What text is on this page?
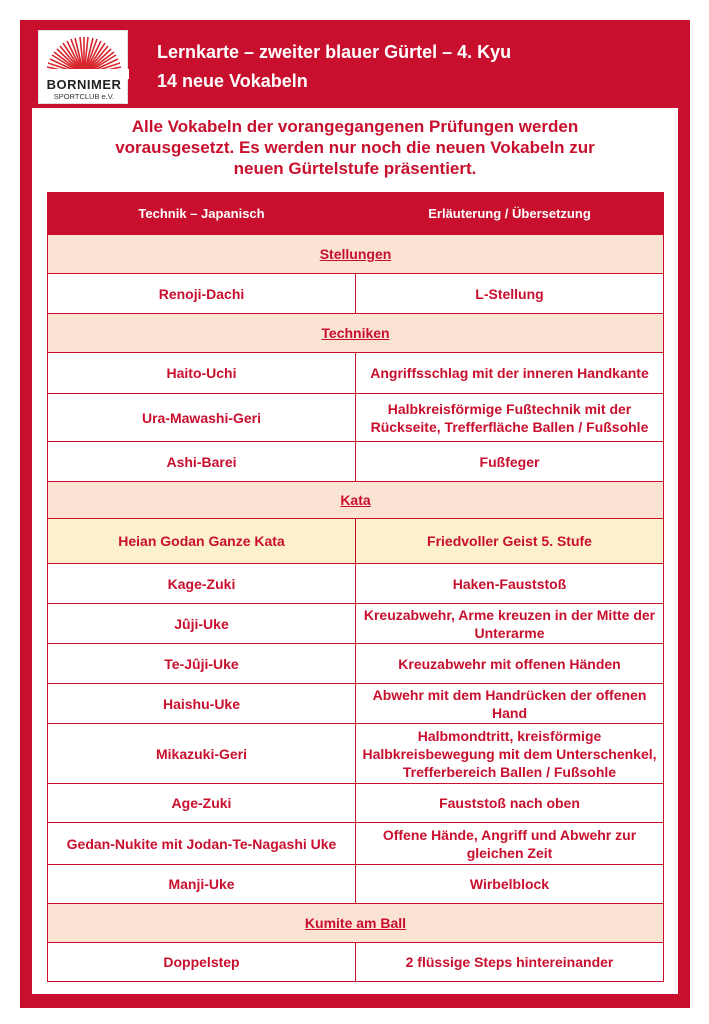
BORNIMER
SPORTCLUB e.V.
Lernkarte – zweiter blauer Gürtel – 4. Kyu
14 neue Vokabeln
Alle Vokabeln der vorangegangenen Prüfungen werden
vorausgesetzt. Es werden nur noch die neuen Vokabeln zur
neuen Gürtelstufe präsentiert.
Technik – Japanisch	Erläuterung / Übersetzung
Stellungen	
Renoji-Dachi	L-Stellung
Techniken	
Haito-Uchi	Angriffsschlag mit der inneren Handkante
Ura-Mawashi-Geri	Halbkreisförmige Fußtechnik mit der Rückseite, Trefferfläche Ballen / Fußsohle
Ashi-Barei	Fußfeger
Kata	
Heian Godan Ganze Kata	Friedvoller Geist 5. Stufe
Kage-Zuki	Haken-Fauststoß
Jûji-Uke	Kreuzabwehr, Arme kreuzen in der Mitte der Unterarme
Te-Jûji-Uke	Kreuzabwehr mit offenen Händen
Haishu-Uke	Abwehr mit dem Handrücken der offenen Hand
Mikazuki-Geri	Halbmondtritt, kreisförmige Halbkreisbewegung mit dem Unterschenkel, Trefferbereich Ballen / Fußsohle
Age-Zuki	Fauststoß nach oben
Gedan-Nukite mit Jodan-Te-Nagashi Uke	Offene Hände, Angriff und Abwehr zur gleichen Zeit
Manji-Uke	Wirbelblock
Kumite am Ball	
Doppelstep	2 flüssige Steps hintereinander
